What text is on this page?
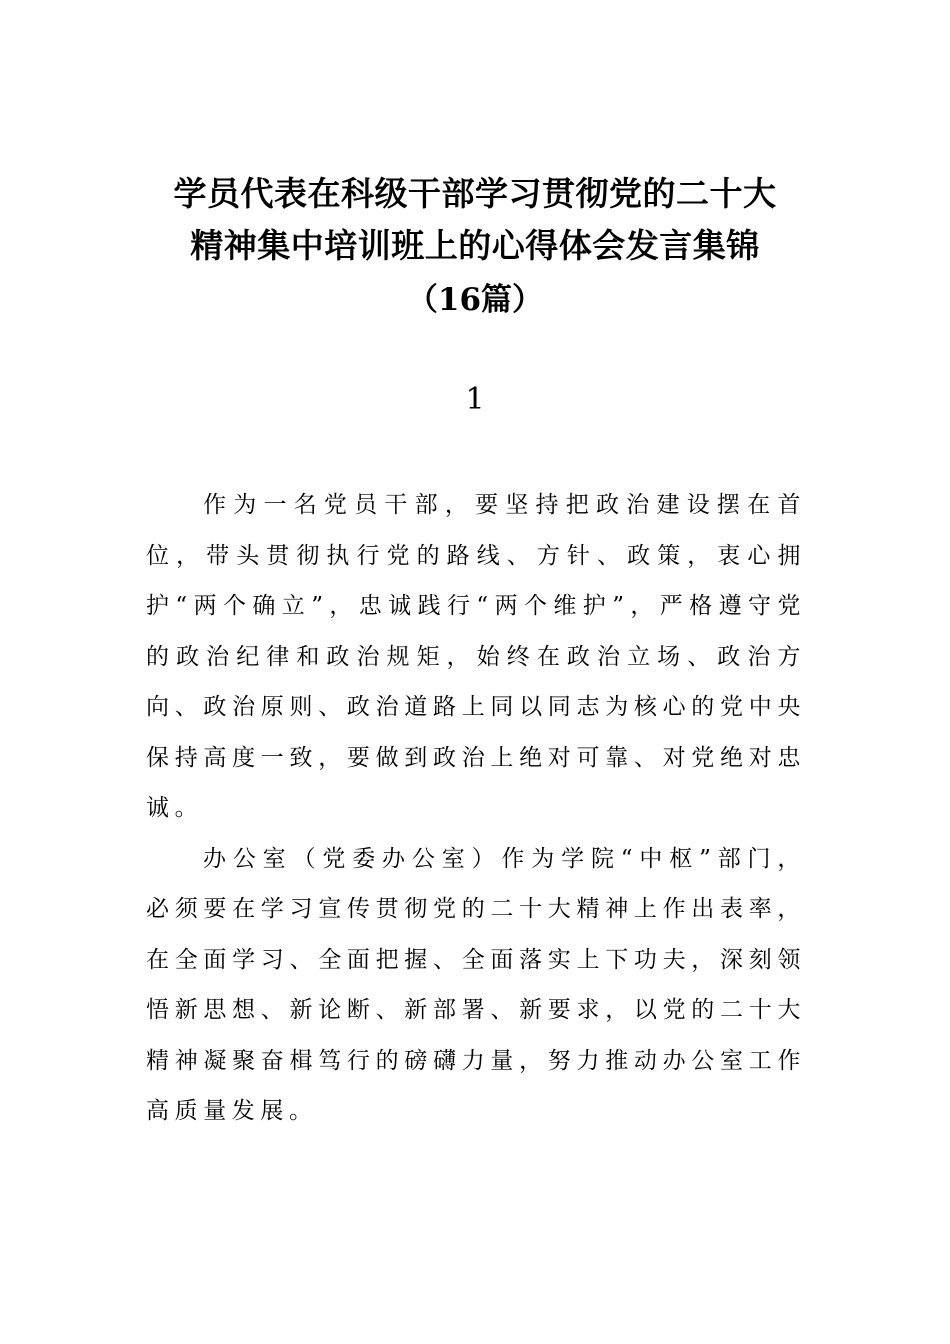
学员代表在科级干部学习贯彻党的二十大
精神集中培训班上的心得体会发言集锦
（16篇）
1

作为一名党员干部，要坚持把政治建设摆在首位，带头贯彻执行党的路线、方针、政策，衷心拥护“两个确立”，忠诚践行“两个维护”，严格遵守党的政治纪律和政治规矩，始终在政治立场、政治方向、政治原则、政治道路上同以同志为核心的党中央保持高度一致，要做到政治上绝对可靠、对党绝对忠诚。

办公室（党委办公室）作为学院“中枢”部门，必须要在学习宣传贯彻党的二十大精神上作出表率，在全面学习、全面把握、全面落实上下功夫，深刻领悟新思想、新论断、新部署、新要求，以党的二十大精神凝聚奋楫笃行的磅礴力量，努力推动办公室工作高质量发展。
